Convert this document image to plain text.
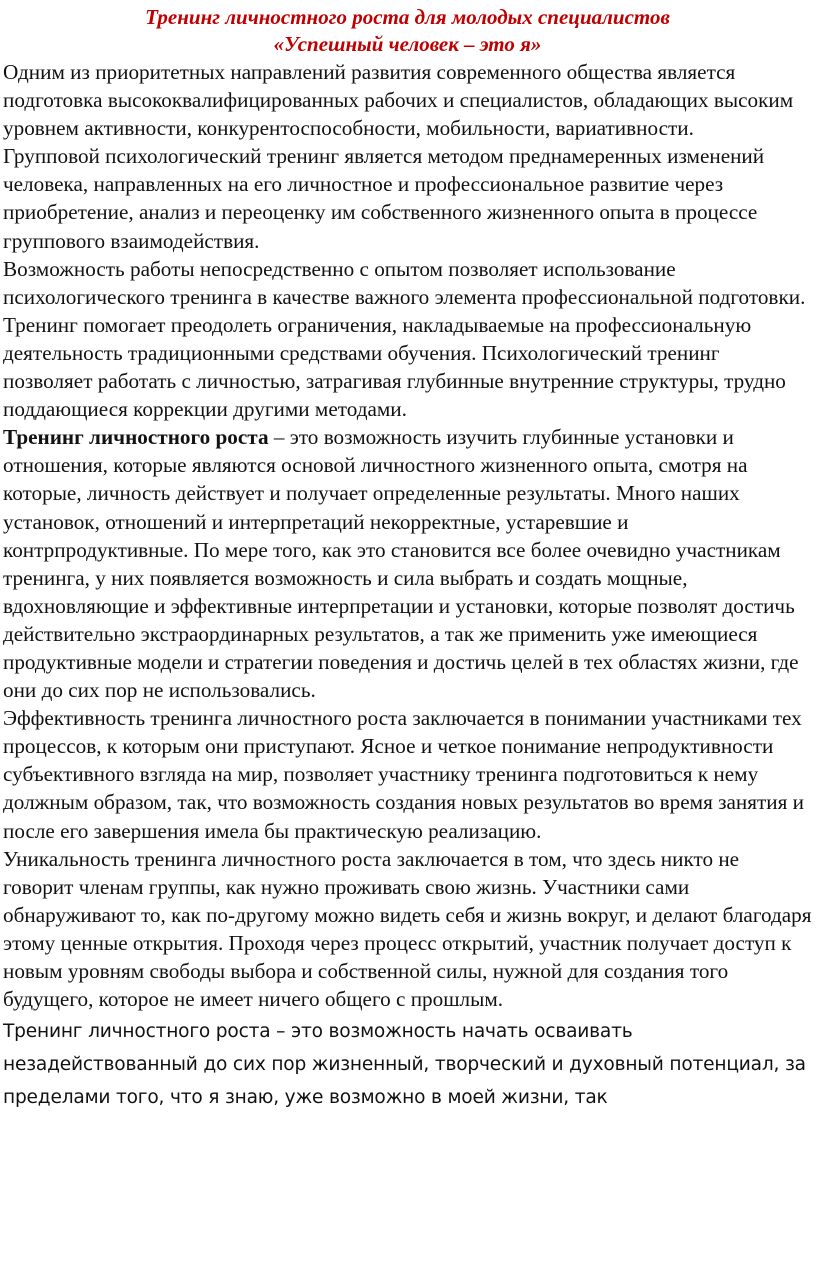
Тренинг личностного роста для молодых специалистов
«Успешный человек – это я»

Одним из приоритетных направлений развития современного общества является подготовка высококвалифицированных рабочих и специалистов, обладающих высоким уровнем активности, конкурентоспособности, мобильности, вариативности.

Групповой психологический тренинг является методом преднамеренных изменений человека, направленных на его личностное и профессиональное развитие через приобретение, анализ и переоценку им собственного жизненного опыта в процессе группового взаимодействия.

Возможность работы непосредственно с опытом позволяет использование психологического тренинга в качестве важного элемента профессиональной подготовки. Тренинг помогает преодолеть ограничения, накладываемые на профессиональную деятельность традиционными средствами обучения. Психологический тренинг позволяет работать с личностью, затрагивая глубинные внутренние структуры, трудно поддающиеся коррекции другими методами.

Тренинг личностного роста – это возможность изучить глубинные установки и отношения, которые являются основой личностного жизненного опыта, смотря на которые, личность действует и получает определенные результаты. Много наших установок, отношений и интерпретаций некорректные, устаревшие и контрпродуктивные. По мере того, как это становится все более очевидно участникам тренинга, у них появляется возможность и сила выбрать и создать мощные, вдохновляющие и эффективные интерпретации и установки, которые позволят достичь действительно экстраординарных результатов, а так же применить уже имеющиеся продуктивные модели и стратегии поведения и достичь целей в тех областях жизни, где они до сих пор не использовались.

Эффективность тренинга личностного роста заключается в понимании участниками тех процессов, к которым они приступают. Ясное и четкое понимание непродуктивности субъективного взгляда на мир, позволяет участнику тренинга подготовиться к нему должным образом, так, что возможность создания новых результатов во время занятия и после его завершения имела бы практическую реализацию.

Уникальность тренинга личностного роста заключается в том, что здесь никто не говорит членам группы, как нужно проживать свою жизнь. Участники сами обнаруживают то, как по-другому можно видеть себя и жизнь вокруг, и делают благодаря этому ценные открытия. Проходя через процесс открытий, участник получает доступ к новым уровням свободы выбора и собственной силы, нужной для создания того будущего, которое не имеет ничего общего с прошлым.

Тренинг личностного роста – это возможность начать осваивать незадействованный до сих пор жизненный, творческий и духовный потенциал, за пределами того, что я знаю, уже возможно в моей жизни, так
